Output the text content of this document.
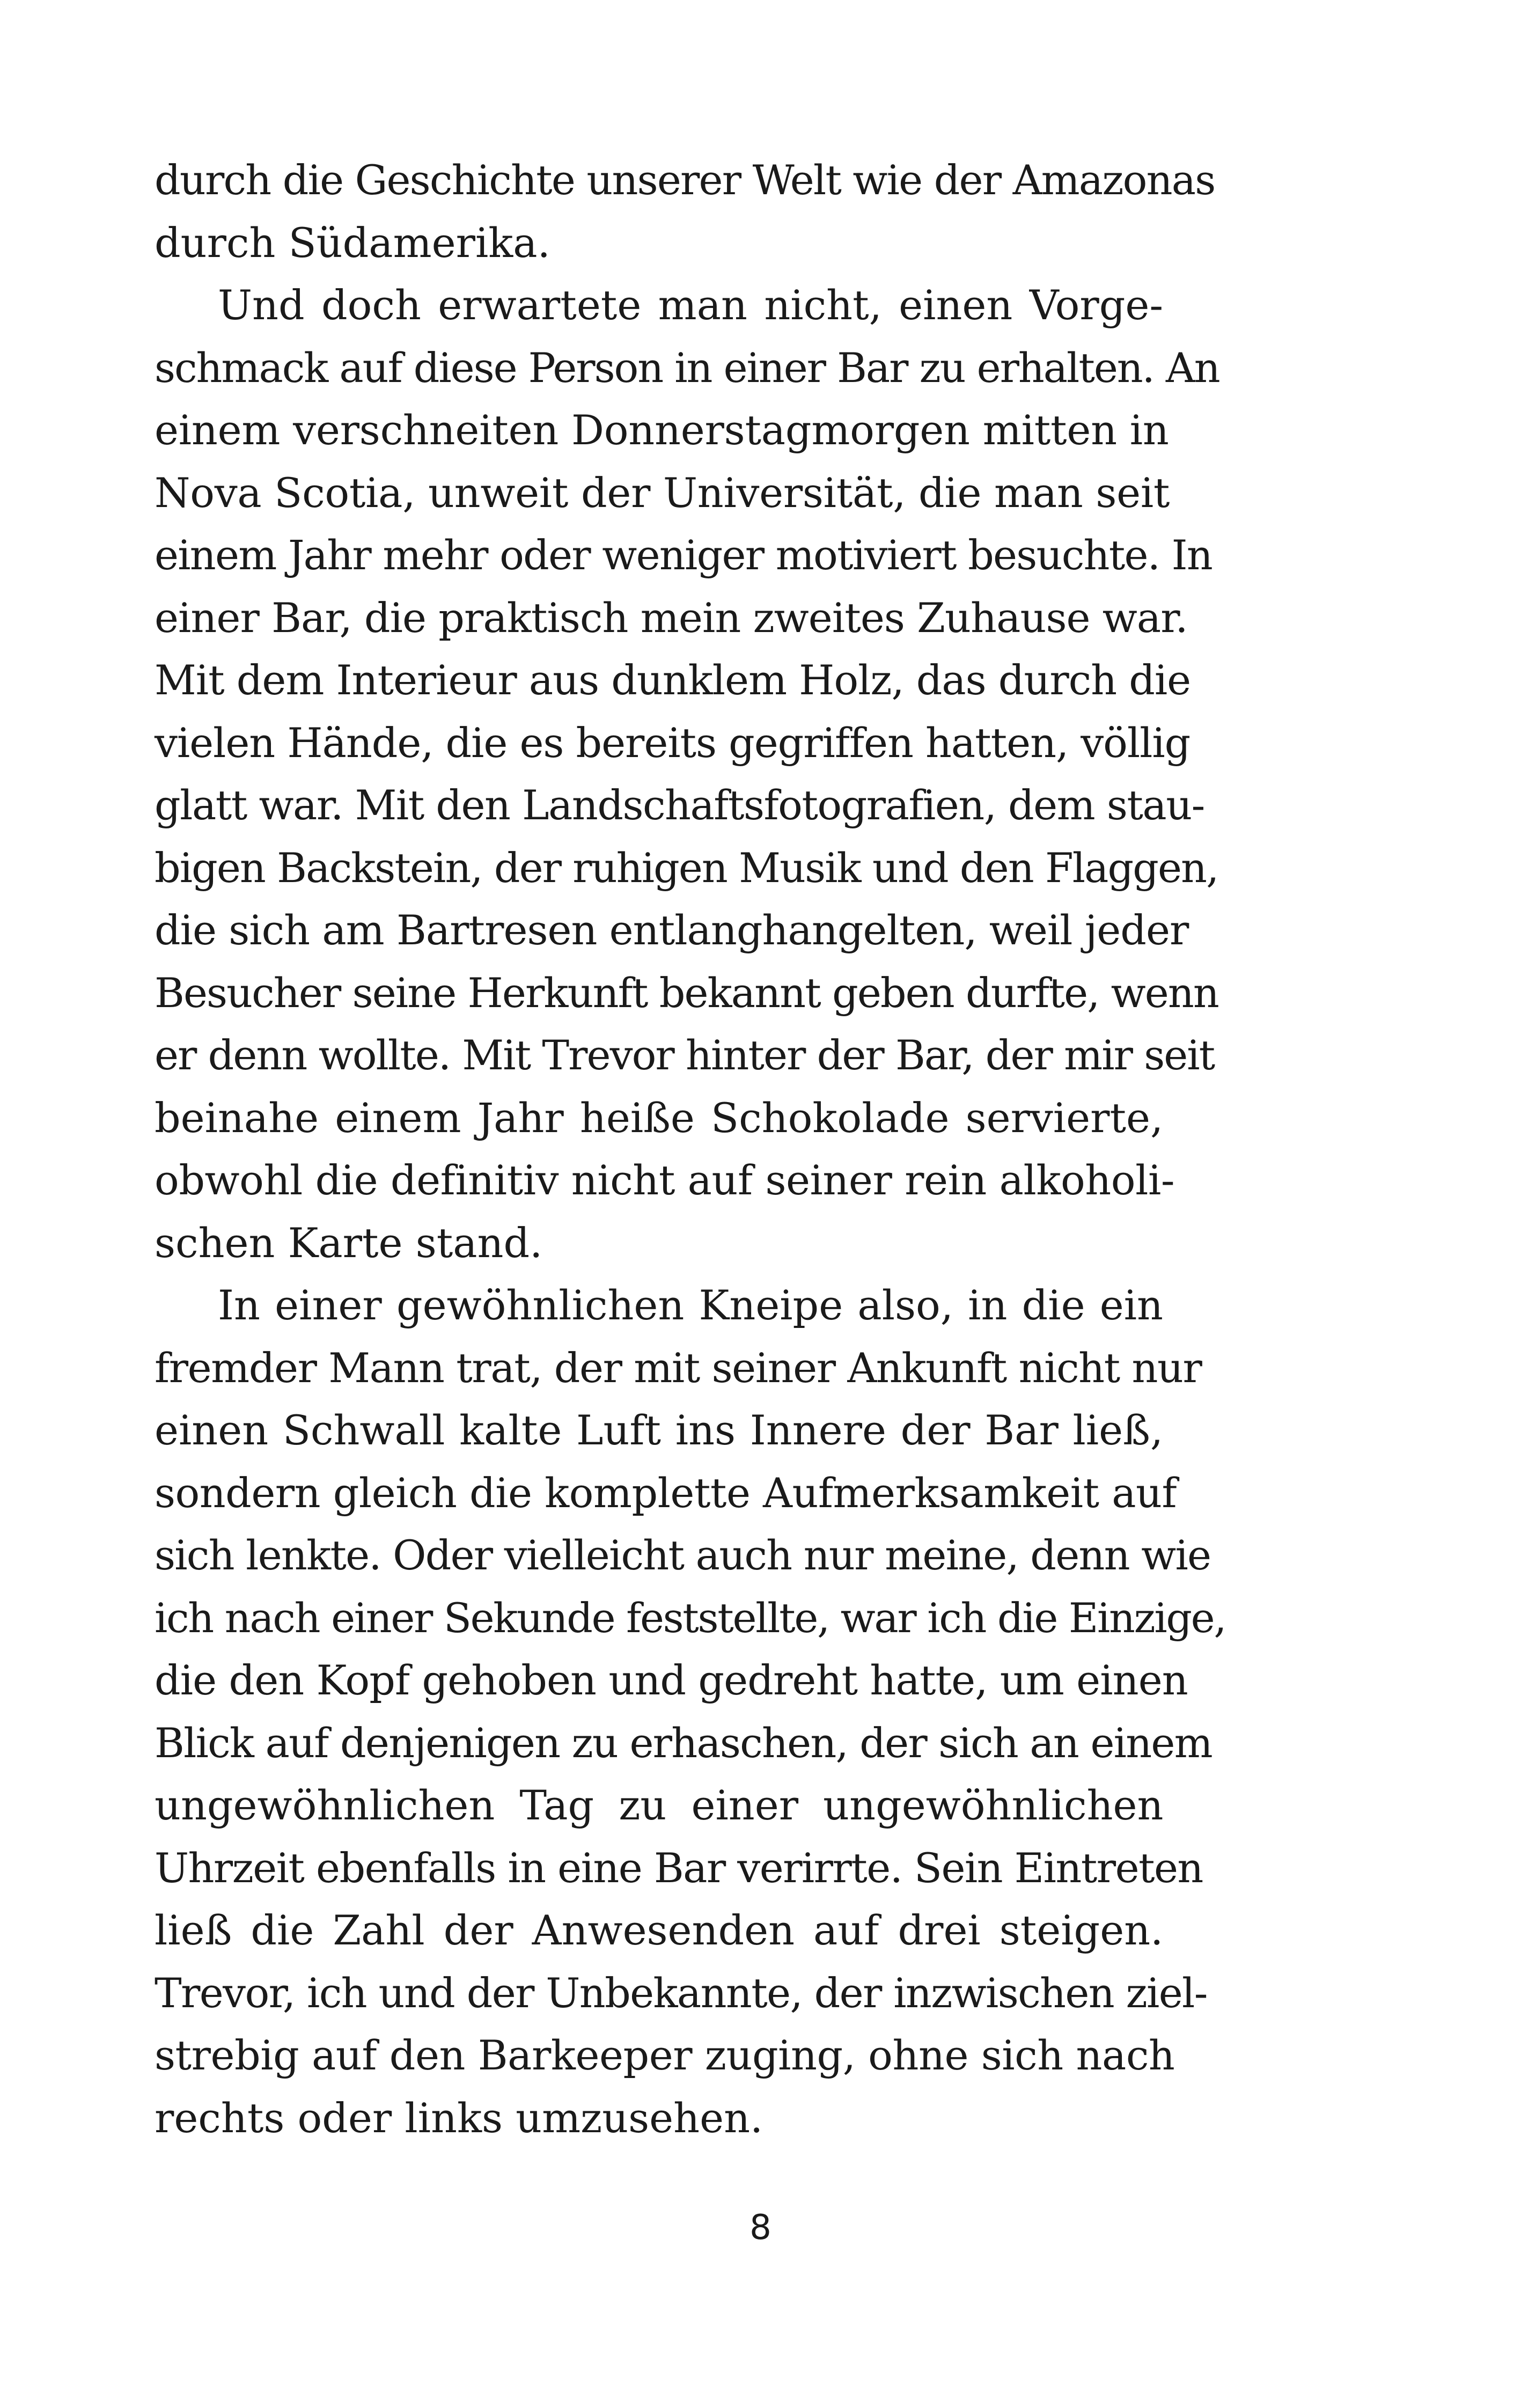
durch die Geschichte unserer Welt wie der Amazonas
durch Südamerika.
Und doch erwartete man nicht, einen Vorge-
schmack auf diese Person in einer Bar zu erhalten. An
einem verschneiten Donnerstagmorgen mitten in
Nova Scotia, unweit der Universität, die man seit
einem Jahr mehr oder weniger motiviert besuchte. In
einer Bar, die praktisch mein zweites Zuhause war.
Mit dem Interieur aus dunklem Holz, das durch die
vielen Hände, die es bereits gegriffen hatten, völlig
glatt war. Mit den Landschaftsfotografien, dem stau-
bigen Backstein, der ruhigen Musik und den Flaggen,
die sich am Bartresen entlanghangelten, weil jeder
Besucher seine Herkunft bekannt geben durfte, wenn
er denn wollte. Mit Trevor hinter der Bar, der mir seit
beinahe einem Jahr heiße Schokolade servierte,
obwohl die definitiv nicht auf seiner rein alkoholi-
schen Karte stand.
In einer gewöhnlichen Kneipe also, in die ein
fremder Mann trat, der mit seiner Ankunft nicht nur
einen Schwall kalte Luft ins Innere der Bar ließ,
sondern gleich die komplette Aufmerksamkeit auf
sich lenkte. Oder vielleicht auch nur meine, denn wie
ich nach einer Sekunde feststellte, war ich die Einzige,
die den Kopf gehoben und gedreht hatte, um einen
Blick auf denjenigen zu erhaschen, der sich an einem
ungewöhnlichen Tag zu einer ungewöhnlichen
Uhrzeit ebenfalls in eine Bar verirrte. Sein Eintreten
ließ die Zahl der Anwesenden auf drei steigen.
Trevor, ich und der Unbekannte, der inzwischen ziel-
strebig auf den Barkeeper zuging, ohne sich nach
rechts oder links umzusehen.
8
